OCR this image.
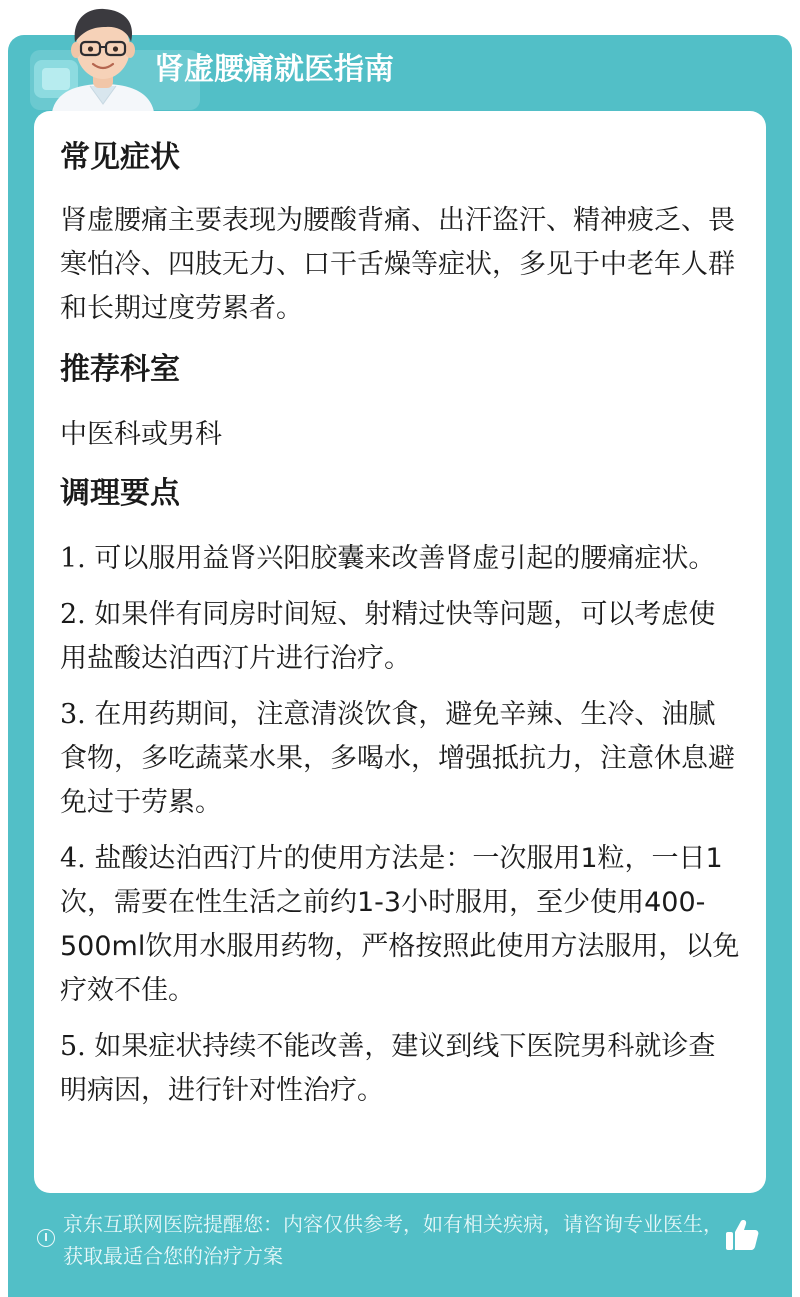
肾虚腰痛就医指南
常见症状

肾虚腰痛主要表现为腰酸背痛、出汗盗汗、精神疲乏、畏寒怕冷、四肢无力、口干舌燥等症状，多见于中老年人群和长期过度劳累者。

推荐科室

中医科或男科

调理要点

1. 可以服用益肾兴阳胶囊来改善肾虚引起的腰痛症状。

2. 如果伴有同房时间短、射精过快等问题，可以考虑使用盐酸达泊西汀片进行治疗。

3. 在用药期间，注意清淡饮食，避免辛辣、生冷、油腻食物，多吃蔬菜水果，多喝水，增强抵抗力，注意休息避免过于劳累。

4. 盐酸达泊西汀片的使用方法是：一次服用1粒，一日1次，需要在性生活之前约1-3小时服用，至少使用400-500ml饮用水服用药物，严格按照此使用方法服用，以免疗效不佳。

5. 如果症状持续不能改善，建议到线下医院男科就诊查明病因，进行针对性治疗。

京东互联网医院提醒您：内容仅供参考，如有相关疾病，请咨询专业医生，获取最适合您的治疗方案
